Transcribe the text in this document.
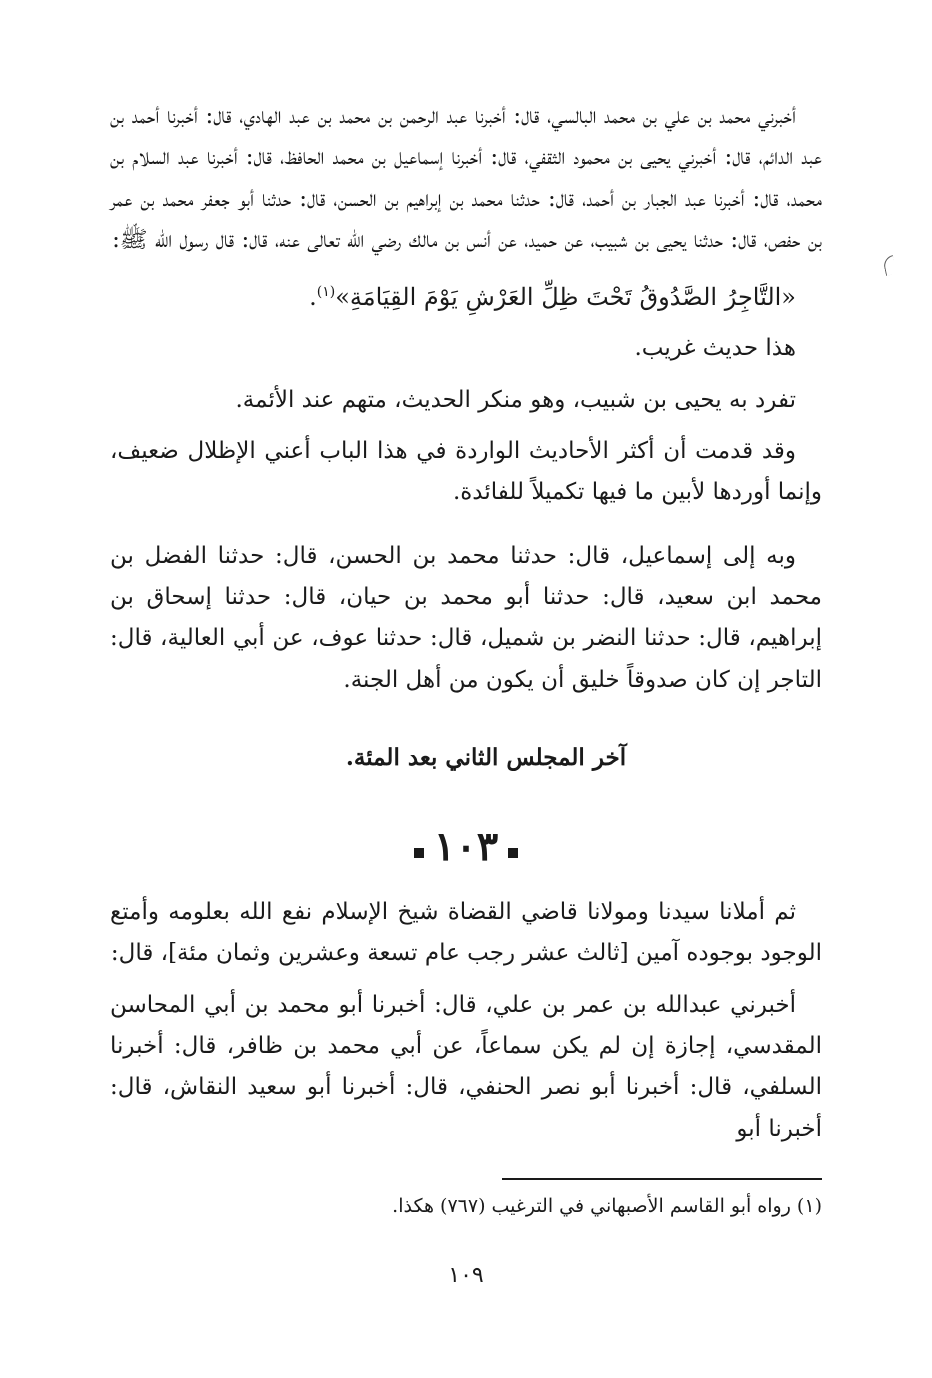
أخبرني محمد بن علي بن محمد البالسي، قال: أخبرنا عبد الرحمن بن محمد بن عبد الهادي، قال: أخبرنا أحمد بن عبد الدائم، قال: أخبرني يحيى بن محمود الثقفي، قال: أخبرنا إسماعيل بن محمد الحافظ، قال: أخبرنا عبد السلام بن محمد، قال: أخبرنا عبد الجبار بن أحمد، قال: حدثنا محمد بن إبراهيم بن الحسن، قال: حدثنا أبو جعفر محمد بن عمر بن حفص، قال: حدثنا يحيى بن شبيب، عن حميد، عن أنس بن مالك رضي الله تعالى عنه، قال: قال رسول الله ﷺ:

«التَّاجِرُ الصَّدُوقُ تَحْتَ ظِلِّ العَرْشِ يَوْمَ القِيَامَةِ»$^{(١)}$.

هذا حديث غريب.

تفرد به يحيى بن شبيب، وهو منكر الحديث، متهم عند الأئمة.

وقد قدمت أن أكثر الأحاديث الواردة في هذا الباب أعني الإظلال ضعيف، وإنما أوردها لأبين ما فيها تكميلاً للفائدة.

وبه إلى إسماعيل، قال: حدثنا محمد بن الحسن، قال: حدثنا الفضل بن محمد ابن سعيد، قال: حدثنا أبو محمد بن حيان، قال: حدثنا إسحاق بن إبراهيم، قال: حدثنا النضر بن شميل، قال: حدثنا عوف، عن أبي العالية، قال: التاجر إن كان صدوقاً خليق أن يكون من أهل الجنة.

آخر المجلس الثاني بعد المئة.

١٠٣

ثم أملانا سيدنا ومولانا قاضي القضاة شيخ الإسلام نفع الله بعلومه وأمتع الوجود بوجوده آمين [ثالث عشر رجب عام تسعة وعشرين وثمان مئة]، قال:

أخبرني عبدالله بن عمر بن علي، قال: أخبرنا أبو محمد بن أبي المحاسن المقدسي، إجازة إن لم يكن سماعاً، عن أبي محمد بن ظافر، قال: أخبرنا السلفي، قال: أخبرنا أبو نصر الحنفي، قال: أخبرنا أبو سعيد النقاش، قال: أخبرنا أبو

(١) رواه أبو القاسم الأصبهاني في الترغيب (٧٦٧) هكذا.
١٠٩
